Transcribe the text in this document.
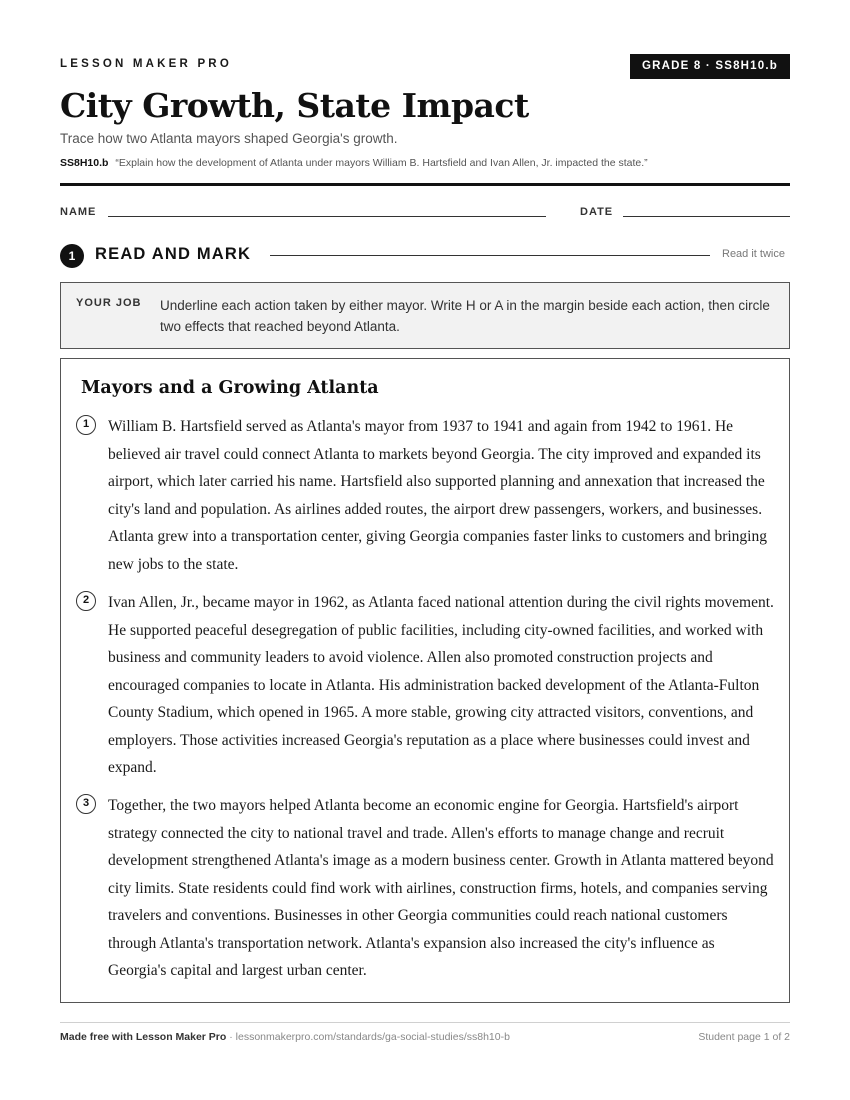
LESSON MAKER PRO	GRADE 8 · SS8H10.b
City Growth, State Impact
Trace how two Atlanta mayors shaped Georgia's growth.
SS8H10.b “Explain how the development of Atlanta under mayors William B. Hartsfield and Ivan Allen, Jr. impacted the state.”
NAME	DATE
1	READ AND MARK	Read it twice
YOUR JOB Underline each action taken by either mayor. Write H or A in the margin beside each action, then circle two effects that reached beyond Atlanta.
Mayors and a Growing Atlanta
1	William B. Hartsfield served as Atlanta's mayor from 1937 to 1941 and again from 1942 to 1961. He believed air travel could connect Atlanta to markets beyond Georgia. The city improved and expanded its airport, which later carried his name. Hartsfield also supported planning and annexation that increased the city's land and population. As airlines added routes, the airport drew passengers, workers, and businesses. Atlanta grew into a transportation center, giving Georgia companies faster links to customers and bringing new jobs to the state.

2	Ivan Allen, Jr., became mayor in 1962, as Atlanta faced national attention during the civil rights movement. He supported peaceful desegregation of public facilities, including city-owned facilities, and worked with business and community leaders to avoid violence. Allen also promoted construction projects and encouraged companies to locate in Atlanta. His administration backed development of the Atlanta-Fulton County Stadium, which opened in 1965. A more stable, growing city attracted visitors, conventions, and employers. Those activities increased Georgia's reputation as a place where businesses could invest and expand.

3	Together, the two mayors helped Atlanta become an economic engine for Georgia. Hartsfield's airport strategy connected the city to national travel and trade. Allen's efforts to manage change and recruit development strengthened Atlanta's image as a modern business center. Growth in Atlanta mattered beyond city limits. State residents could find work with airlines, construction firms, hotels, and companies serving travelers and conventions. Businesses in other Georgia communities could reach national customers through Atlanta's transportation network. Atlanta's expansion also increased the city's influence as Georgia's capital and largest urban center.

Made free with Lesson Maker Pro · lessonmakerpro.com/standards/ga-social-studies/ss8h10-b	Student page 1 of 2
